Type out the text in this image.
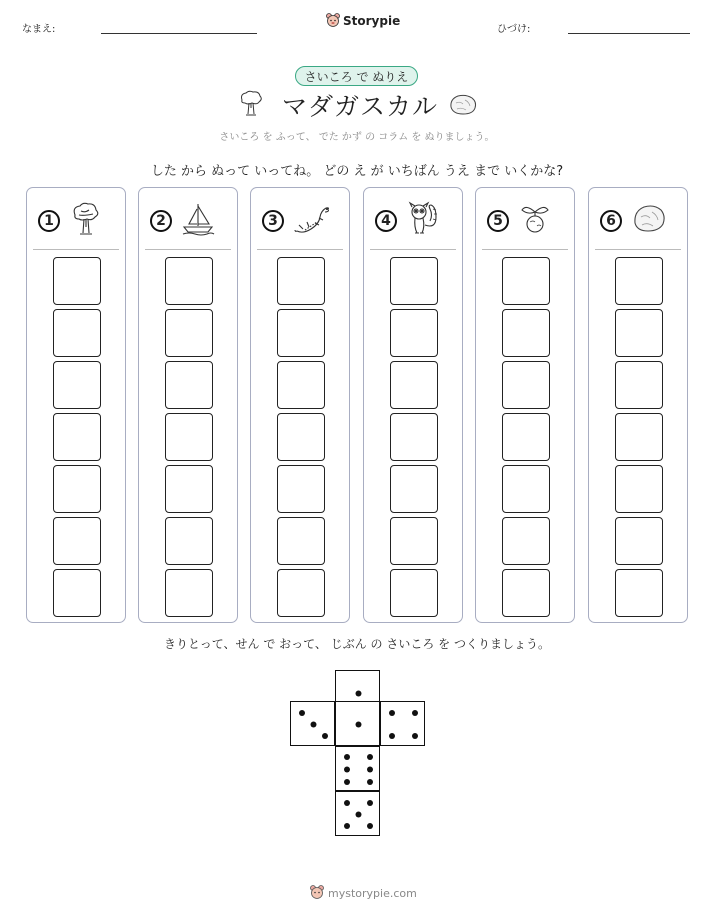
なまえ:
Storypie
ひづけ:
さいころ で ぬりえ
マダガスカル
さいころ を ふって、 でた かず の コラム を ぬりましょう。
した から ぬって いってね。 どの え が いちばん うえ まで いくかな?
1	2	3	4	5	6
きりとって、せん で おって、 じぶん の さいころ を つくりましょう。
mystorypie.com
